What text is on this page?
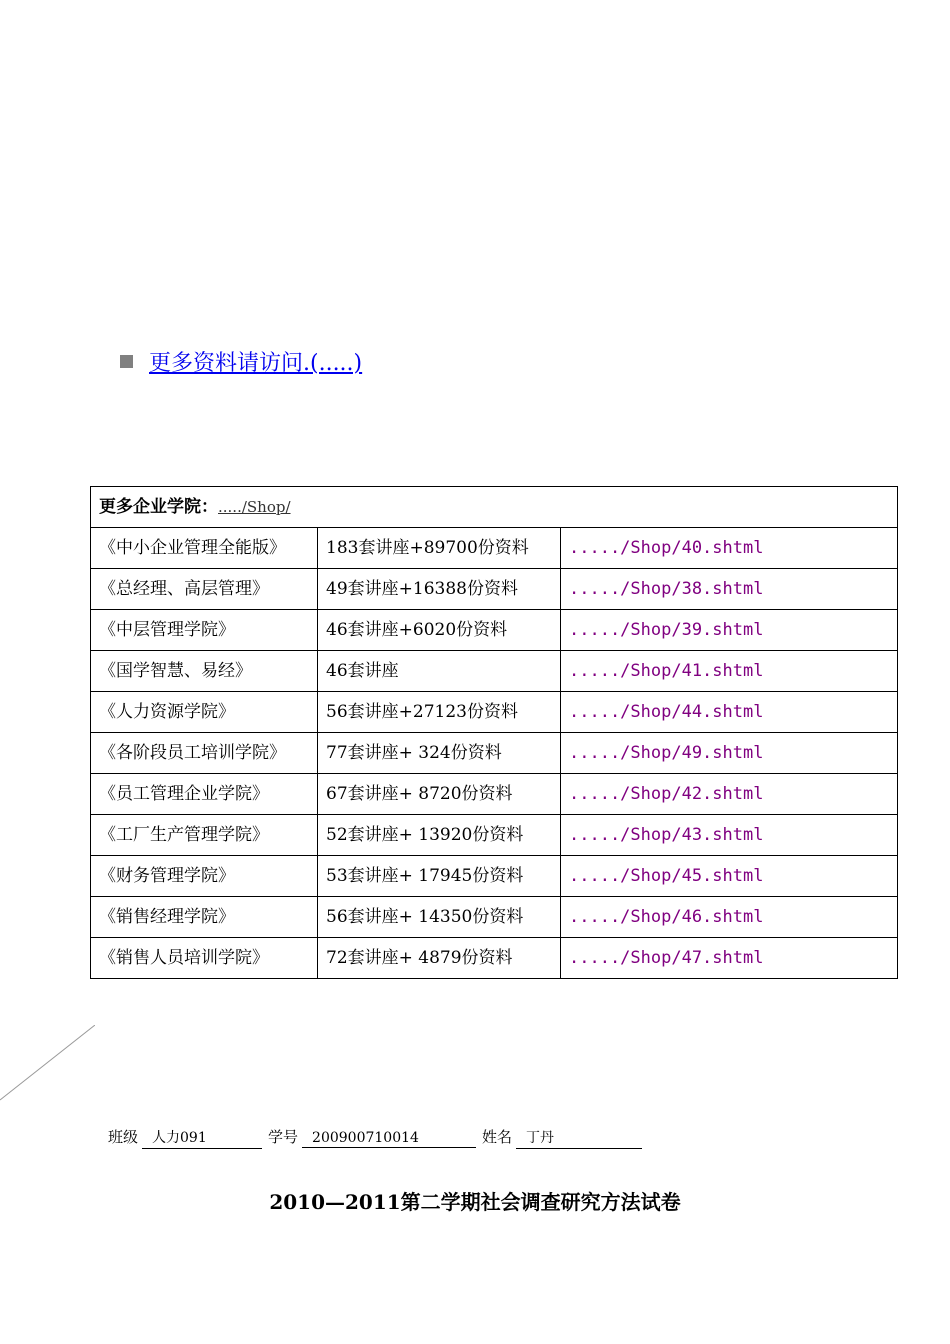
更多资料请访问.(.....)
更多企业学院：...../Shop/		
《中小企业管理全能版》	183套讲座+89700份资料	...../Shop/40.shtml
《总经理、高层管理》	49套讲座+16388份资料	...../Shop/38.shtml
《中层管理学院》	46套讲座+6020份资料	...../Shop/39.shtml
《国学智慧、易经》	46套讲座	...../Shop/41.shtml
《人力资源学院》	56套讲座+27123份资料	...../Shop/44.shtml
《各阶段员工培训学院》	77套讲座+ 324份资料	...../Shop/49.shtml
《员工管理企业学院》	67套讲座+ 8720份资料	...../Shop/42.shtml
《工厂生产管理学院》	52套讲座+ 13920份资料	...../Shop/43.shtml
《财务管理学院》	53套讲座+ 17945份资料	...../Shop/45.shtml
《销售经理学院》	56套讲座+ 14350份资料	...../Shop/46.shtml
《销售人员培训学院》	72套讲座+ 4879份资料	...../Shop/47.shtml
班级	人力091	学号	200900710014	姓名	丁丹
2010—2011第二学期社会调查研究方法试卷
